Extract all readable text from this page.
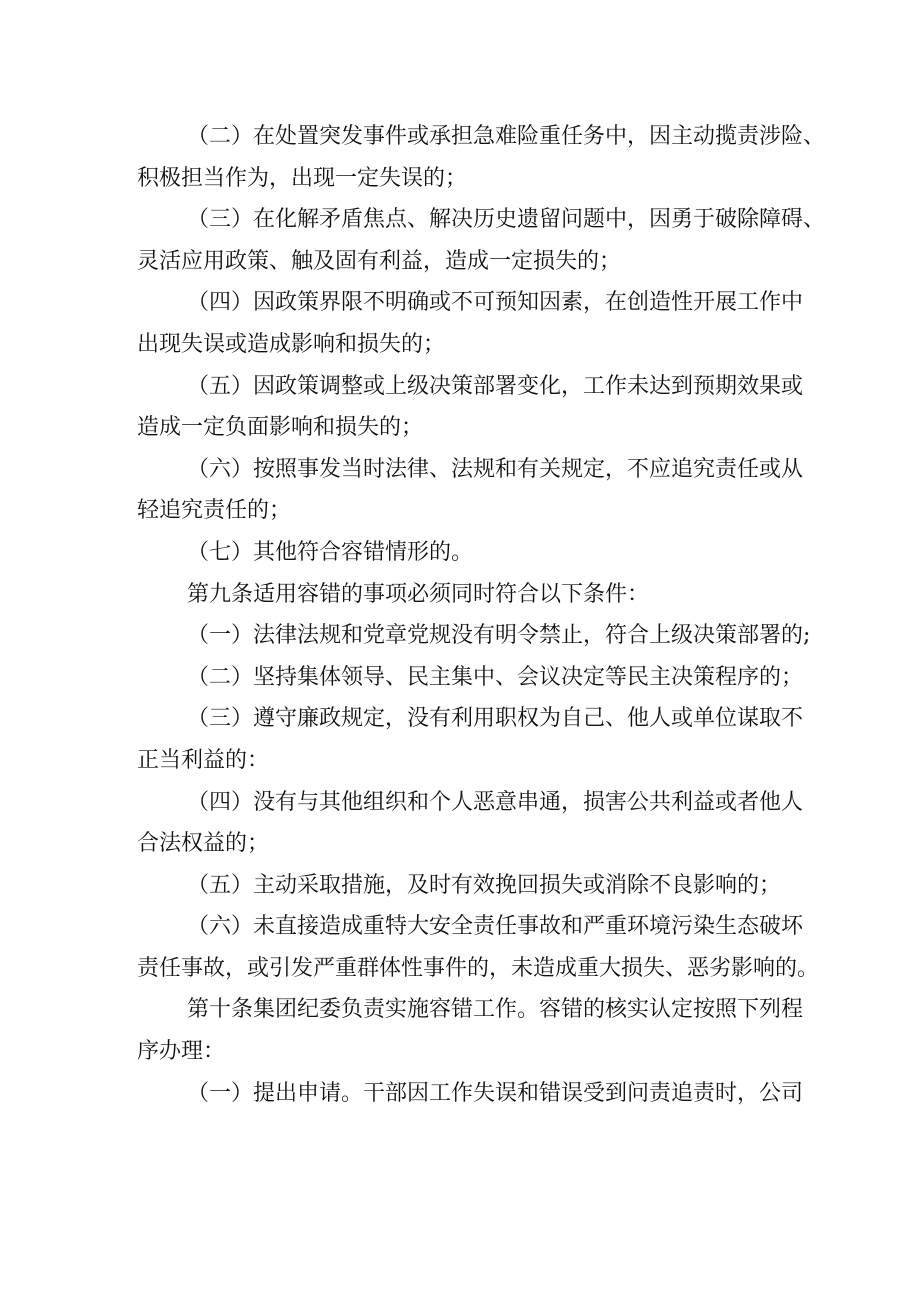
（二）在处置突发事件或承担急难险重任务中，因主动揽责涉险、
积极担当作为，出现一定失误的；
（三）在化解矛盾焦点、解决历史遗留问题中，因勇于破除障碍、
灵活应用政策、触及固有利益，造成一定损失的；
（四）因政策界限不明确或不可预知因素，在创造性开展工作中
出现失误或造成影响和损失的；
（五）因政策调整或上级决策部署变化，工作未达到预期效果或
造成一定负面影响和损失的；
（六）按照事发当时法律、法规和有关规定，不应追究责任或从
轻追究责任的；
（七）其他符合容错情形的。
第九条适用容错的事项必须同时符合以下条件：
（一）法律法规和党章党规没有明令禁止，符合上级决策部署的;
（二）坚持集体领导、民主集中、会议决定等民主决策程序的；
（三）遵守廉政规定，没有利用职权为自己、他人或单位谋取不
正当利益的：
（四）没有与其他组织和个人恶意串通，损害公共利益或者他人
合法权益的；
（五）主动采取措施，及时有效挽回损失或消除不良影响的；
（六）未直接造成重特大安全责任事故和严重环境污染生态破坏
责任事故，或引发严重群体性事件的，未造成重大损失、恶劣影响的。
第十条集团纪委负责实施容错工作。容错的核实认定按照下列程
序办理：
（一）提出申请。干部因工作失误和错误受到问责追责时，公司
